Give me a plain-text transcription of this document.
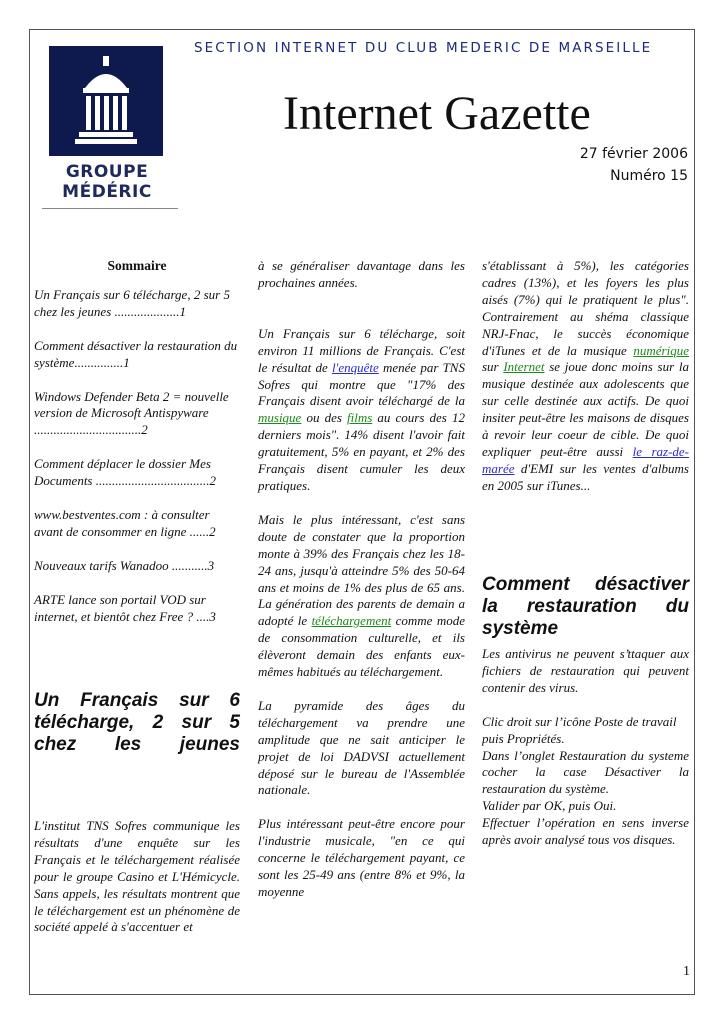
GROUPE
MÉDÉRIC
SECTION INTERNET DU CLUB MEDERIC DE MARSEILLE
Internet Gazette
27 février 2006
Numéro 15
Sommaire
Un Français sur 6 télécharge, 2 sur 5 chez les jeunes ....................1
Comment désactiver la restauration du système...............1
Windows Defender Beta 2 = nouvelle version de Microsoft Antispyware .................................2
Comment déplacer le dossier Mes Documents ...................................2
www.bestventes.com : à consulter avant de consommer en ligne ......2
Nouveaux tarifs Wanadoo ...........3
ARTE lance son portail VOD sur internet, et bientôt chez Free ? ....3
Un Français sur 6 télécharge, 2 sur 5 chez les jeunes
L'institut TNS Sofres communique les résultats d'une enquête sur les Français et le téléchargement réalisée pour le groupe Casino et L'Hémicycle. Sans appels, les résultats montrent que le téléchargement est un phénomène de société appelé à s'accentuer et
à se généraliser davantage dans les prochaines années.
Un Français sur 6 télécharge, soit environ 11 millions de Français. C'est le résultat de l'enquête menée par TNS Sofres qui montre que "17% des Français disent avoir téléchargé de la musique ou des films au cours des 12 derniers mois". 14% disent l'avoir fait gratuitement, 5% en payant, et 2% des Français disent cumuler les deux pratiques.
Mais le plus intéressant, c'est sans doute de constater que la proportion monte à 39% des Français chez les 18-24 ans, jusqu'à atteindre 5% des 50-64 ans et moins de 1% des plus de 65 ans. La génération des parents de demain a adopté le téléchargement comme mode de consommation culturelle, et ils élèveront demain des enfants eux-mêmes habitués au téléchargement.
La pyramide des âges du téléchargement va prendre une amplitude que ne sait anticiper le projet de loi DADVSI actuellement déposé sur le bureau de l'Assemblée nationale.
Plus intéressant peut-être encore pour l'industrie musicale, "en ce qui concerne le téléchargement payant, ce sont les 25-49 ans (entre 8% et 9%, la moyenne
s'établissant à 5%), les catégories cadres (13%), et les foyers les plus aisés (7%) qui le pratiquent le plus". Contrairement au shéma classique NRJ-Fnac, le succès économique d'iTunes et de la musique numérique sur Internet se joue donc moins sur la musique destinée aux adolescents que sur celle destinée aux actifs. De quoi insiter peut-être les maisons de disques à revoir leur coeur de cible. De quoi expliquer peut-être aussi le raz-de-marée d'EMI sur les ventes d'albums en 2005 sur iTunes...
Comment désactiver la restauration du
système
Les antivirus ne peuvent s’ttaquer aux fichiers de restauration qui peuvent contenir des virus.
Clic droit sur l’icône Poste de travail
puis Propriétés.
Dans l’onglet Restauration du systeme cocher la case Désactiver la restauration du système.
Valider par OK, puis Oui.
Effectuer l’opération en sens inverse après avoir analysé tous vos disques.
1
